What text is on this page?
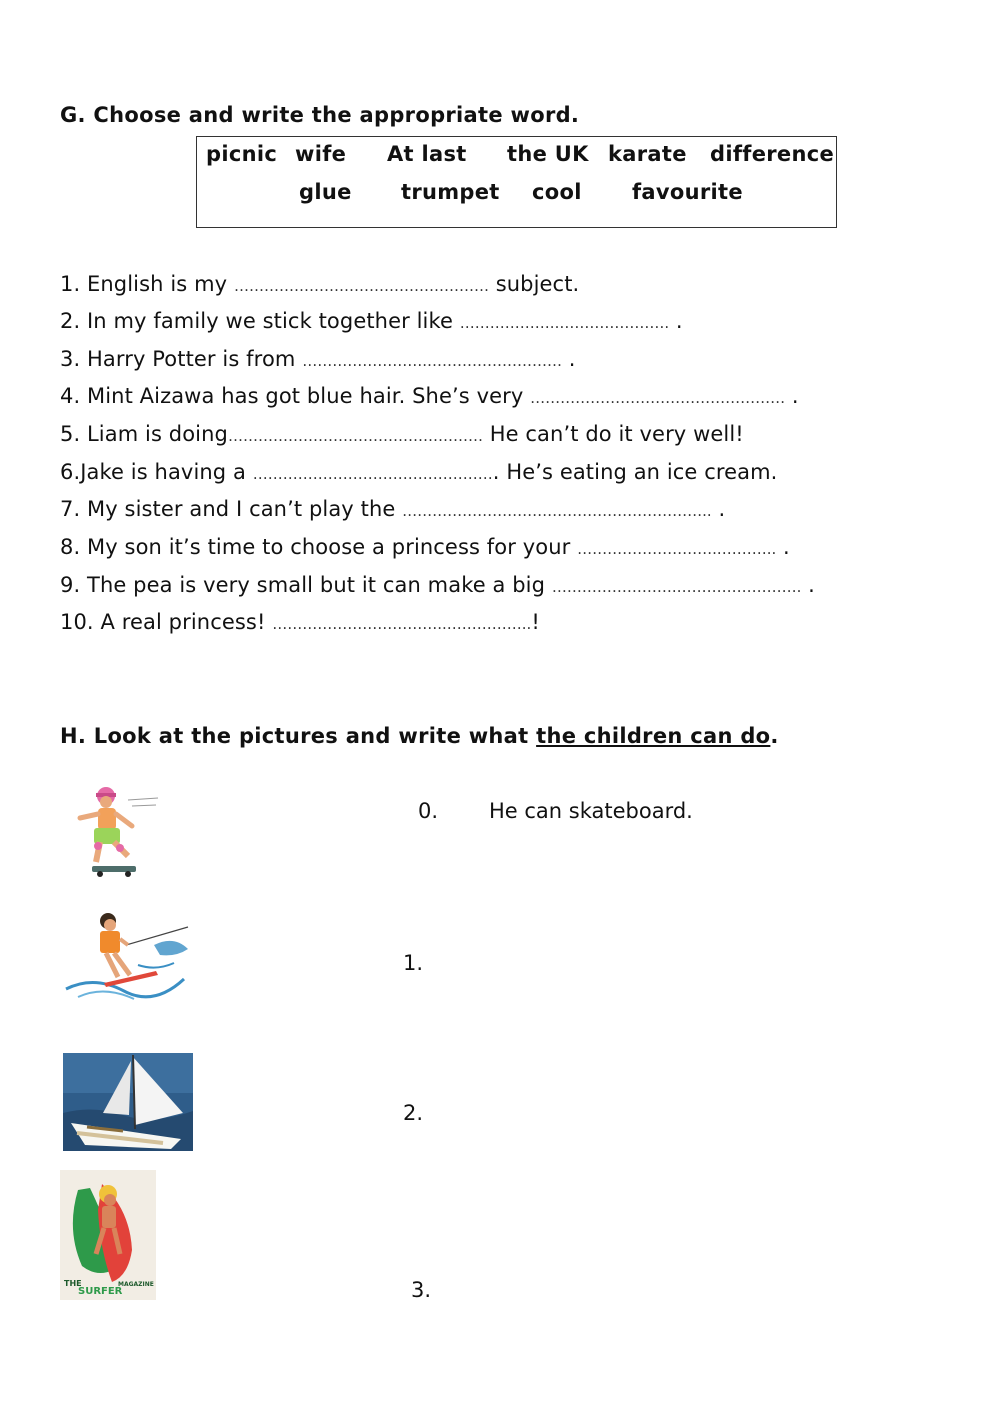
G. Choose and write the appropriate word.
picnic wife At last the UK karate difference
glue trumpet cool favourite
1. English is my …………………………………………… subject.
2. In my family we stick together like ………………..…………………. .
3. Harry Potter is from …………………….……………………… .
4. Mint Aizawa has got blue hair. She’s very …………………………………………… .
5. Liam is doing…………………………………………… He can’t do it very well!
6.Jake is having a …………………………………………. He’s eating an ice cream.
7. My sister and I can’t play the …………………………………………………….. .
8. My son it’s time to choose a princess for your ………………………..……….. .
9. The pea is very small but it can make a big …………………….……………………. .
10. A real princess! ……………………………..……………..!
H. Look at the pictures and write what the children can do.
0. He can skateboard.
1.
2.
THE
SURFER
MAGAZINE	3.
